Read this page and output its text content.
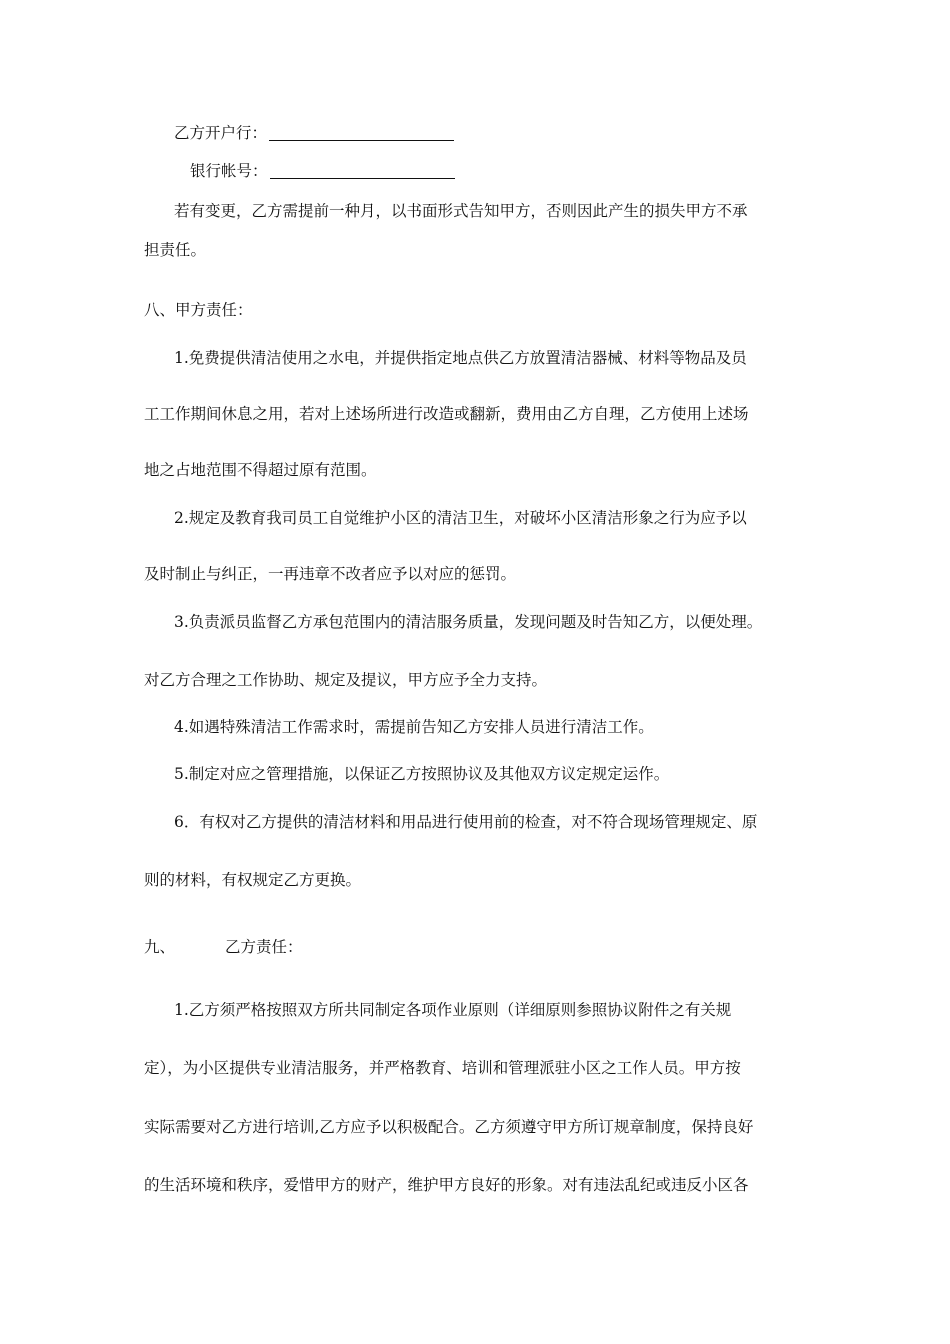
乙方开户行：
银行帐号：
若有变更，乙方需提前一种月，以书面形式告知甲方，否则因此产生的损失甲方不承
担责任。
八、甲方责任：
1.免费提供清洁使用之水电，并提供指定地点供乙方放置清洁器械、材料等物品及员
工工作期间休息之用，若对上述场所进行改造或翻新，费用由乙方自理，乙方使用上述场
地之占地范围不得超过原有范围。
2.规定及教育我司员工自觉维护小区的清洁卫生，对破坏小区清洁形象之行为应予以
及时制止与纠正，一再违章不改者应予以对应的惩罚。
3.负责派员监督乙方承包范围内的清洁服务质量，发现问题及时告知乙方，以便处理。
对乙方合理之工作协助、规定及提议，甲方应予全力支持。
4.如遇特殊清洁工作需求时，需提前告知乙方安排人员进行清洁工作。
5.制定对应之管理措施，以保证乙方按照协议及其他双方议定规定运作。
6．有权对乙方提供的清洁材料和用品进行使用前的检查，对不符合现场管理规定、原
则的材料，有权规定乙方更换。
九、	乙方责任：
1.乙方须严格按照双方所共同制定各项作业原则（详细原则参照协议附件之有关规
定），为小区提供专业清洁服务，并严格教育、培训和管理派驻小区之工作人员。甲方按
实际需要对乙方进行培训,乙方应予以积极配合。乙方须遵守甲方所订规章制度，保持良好
的生活环境和秩序，爱惜甲方的财产，维护甲方良好的形象。对有违法乱纪或违反小区各
